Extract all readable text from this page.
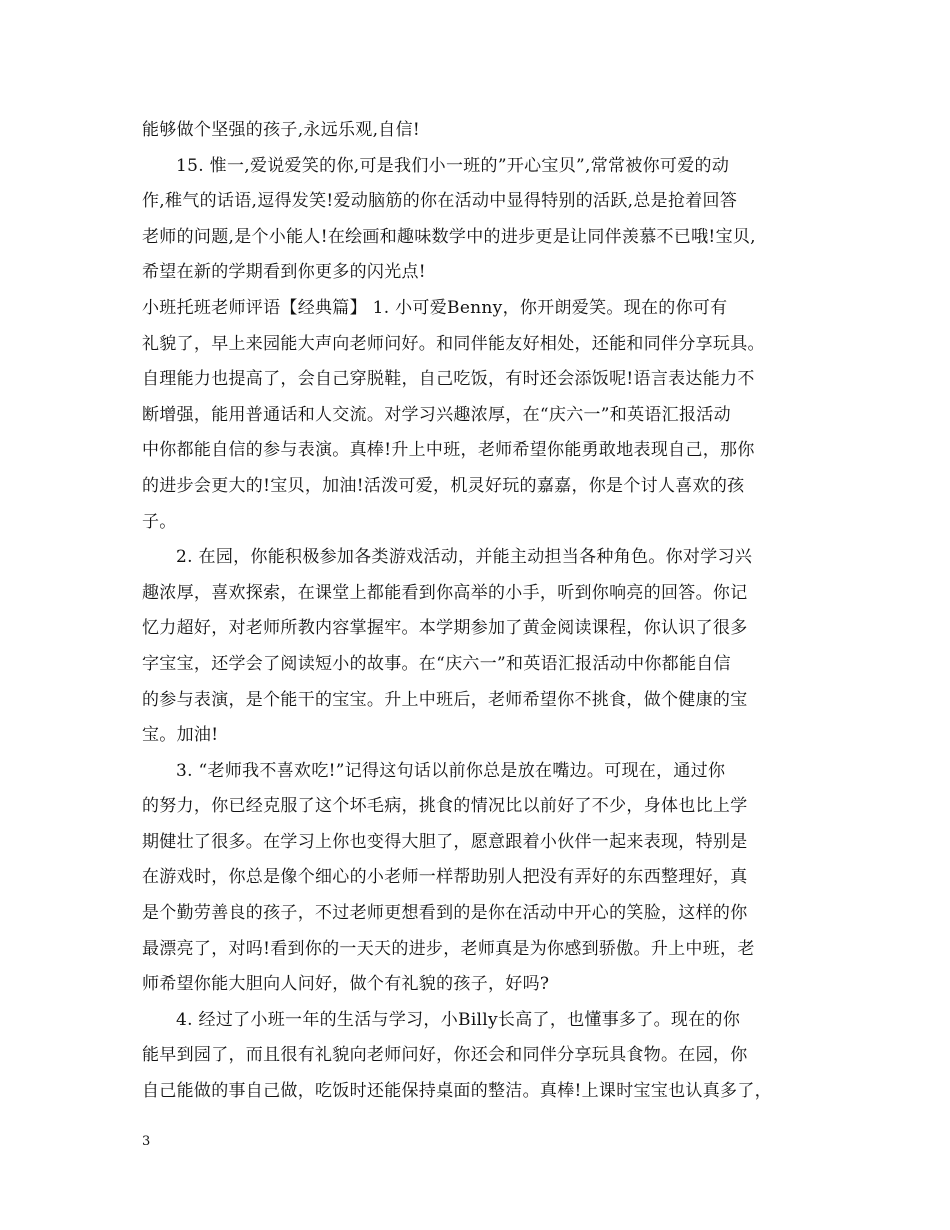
能够做个坚强的孩子,永远乐观,自信!
15. 惟一,爱说爱笑的你,可是我们小一班的”开心宝贝”,常常被你可爱的动
作,稚气的话语,逗得发笑!爱动脑筋的你在活动中显得特别的活跃,总是抢着回答
老师的问题,是个小能人!在绘画和趣味数学中的进步更是让同伴羡慕不已哦!宝贝,
希望在新的学期看到你更多的闪光点!
小班托班老师评语【经典篇】 1. 小可爱Benny，你开朗爱笑。现在的你可有
礼貌了，早上来园能大声向老师问好。和同伴能友好相处，还能和同伴分享玩具。
自理能力也提高了，会自己穿脱鞋，自己吃饭，有时还会添饭呢!语言表达能力不
断增强，能用普通话和人交流。对学习兴趣浓厚，在“庆六一”和英语汇报活动
中你都能自信的参与表演。真棒!升上中班，老师希望你能勇敢地表现自己，那你
的进步会更大的!宝贝，加油!活泼可爱，机灵好玩的嘉嘉，你是个讨人喜欢的孩
子。
2. 在园，你能积极参加各类游戏活动，并能主动担当各种角色。你对学习兴
趣浓厚，喜欢探索，在课堂上都能看到你高举的小手，听到你响亮的回答。你记
忆力超好，对老师所教内容掌握牢。本学期参加了黄金阅读课程，你认识了很多
字宝宝，还学会了阅读短小的故事。在“庆六一”和英语汇报活动中你都能自信
的参与表演，是个能干的宝宝。升上中班后，老师希望你不挑食，做个健康的宝
宝。加油!
3. “老师我不喜欢吃!”记得这句话以前你总是放在嘴边。可现在，通过你
的努力，你已经克服了这个坏毛病，挑食的情况比以前好了不少，身体也比上学
期健壮了很多。在学习上你也变得大胆了，愿意跟着小伙伴一起来表现，特别是
在游戏时，你总是像个细心的小老师一样帮助别人把没有弄好的东西整理好，真
是个勤劳善良的孩子，不过老师更想看到的是你在活动中开心的笑脸，这样的你
最漂亮了，对吗!看到你的一天天的进步，老师真是为你感到骄傲。升上中班，老
师希望你能大胆向人问好，做个有礼貌的孩子，好吗?
4. 经过了小班一年的生活与学习，小Billy长高了，也懂事多了。现在的你
能早到园了，而且很有礼貌向老师问好，你还会和同伴分享玩具食物。在园，你
自己能做的事自己做，吃饭时还能保持桌面的整洁。真棒!上课时宝宝也认真多了，
3
